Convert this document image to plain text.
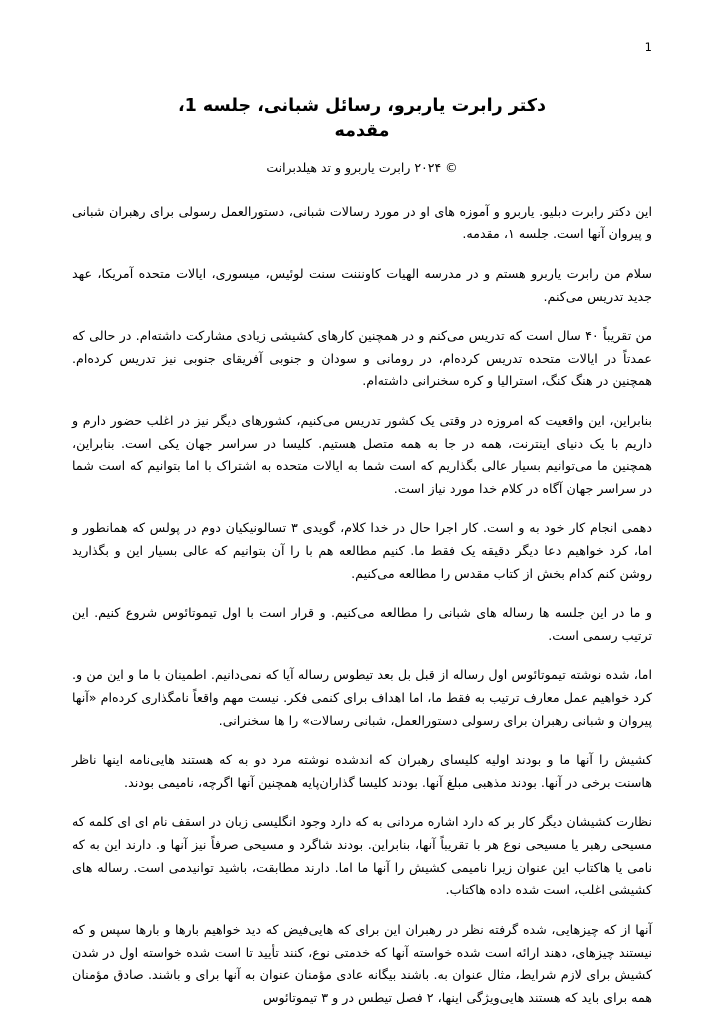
1
دکتر رابرت یاربرو، رسائل شبانی، جلسه 1،
مقدمه
© ۲۰۲۴ رابرت یاربرو و تد هیلدبرانت

این دکتر رابرت دبلیو. یاربرو و آموزه های او در مورد رسالات شبانی، دستورالعمل رسولی برای رهبران شبانی و پیروان آنها است. جلسه ۱، مقدمه.

سلام من رابرت یاربرو هستم و در مدرسه الهیات کاونننت سنت لوئیس، میسوری، ایالات متحده آمریکا، عهد جدید تدریس می‌کنم.

من تقریباً ۴۰ سال است که تدریس می‌کنم و در همچنین کارهای کشیشی زیادی مشارکت داشته‌ام. در حالی که عمدتاً در ایالات متحده تدریس کرده‌ام، در رومانی و سودان و جنوبی آفریقای جنوبی نیز تدریس کرده‌ام. همچنین در هنگ کنگ، استرالیا و کره سخنرانی داشته‌ام.

بنابراین، این واقعیت که امروزه در وقتی یک کشور تدریس می‌کنیم، کشورهای دیگر نیز در اغلب حضور دارم و داریم با یک دنیای اینترنت، همه در جا به همه متصل هستیم. کلیسا در سراسر جهان یکی است. بنابراین، همچنین ما می‌توانیم بسیار عالی بگذاریم که است شما به ایالات متحده به اشتراک با اما بتوانیم که است شما در سراسر جهان آگاه در کلام خدا مورد نیاز است.

دهمی انجام کار خود به و است. کار اجرا حال در خدا کلام، گویدی ۳ تسالونیکیان دوم در پولس که همانطور و اما، کرد خواهیم دعا دیگر دقیقه یک فقط ما. کنیم مطالعه هم با را آن بتوانیم که عالی بسیار این و بگذارید روشن کنم کدام بخش از کتاب مقدس را مطالعه می‌کنیم.

و ما در این جلسه ها رساله های شبانی را مطالعه می‌کنیم. و قرار است با اول تیموتائوس شروع کنیم. این ترتیب رسمی است.

اما، شده نوشته تیموتائوس اول رساله از قبل بل بعد تیطوس رساله آیا که نمی‌دانیم. اطمینان با ما و این من و. کرد خواهیم عمل معارف ترتیب به فقط ما، اما اهداف برای کنمی فکر. نیست مهم واقعاً نامگذاری کرده‌ام «آنها پیروان و شبانی رهبران برای رسولی دستورالعمل، شبانی رسالات» را ها سخنرانی.

کشیش را آنها ما و بودند اولیه کلیسای رهبران که اندشده نوشته مرد دو به که هستند هایی‌نامه اینها ناظر هاسنت برخی در آنها. بودند مذهبی مبلغ آنها. بودند کلیسا گذاران‌پایه همچنین آنها اگرچه، نامیمی بودند.

نظارت کشیشان دیگر کار بر که دارد اشاره مردانی به که دارد وجود انگلیسی زبان در اسقف نام ای ای کلمه که مسیحی رهبر یا مسیحی نوع هر با تقریباً آنها، بنابراین. بودند شاگرد و مسیحی صرفاً نیز آنها و. دارند این به که نامی یا هاکتاب این عنوان زیرا نامیمی کشیش را آنها ما اما. دارند مطابقت، باشید توانیدمی است. رساله های کشیشی اغلب، است شده داده هاکتاب.

آنها از که چیزهایی، شده گرفته نظر در رهبران این برای که هایی‌فیض که دید خواهیم بارها و بارها سپس و که نیستند چیزهای، دهند ارائه است شده خواسته آنها که خدمتی نوع، کنند تأیید تا است شده خواسته اول در شدن کشیش برای لازم شرایط، مثال عنوان به. باشند بیگانه عادی مؤمنان عنوان به آنها برای و باشند. صادق مؤمنان همه برای باید که هستند هایی‌ویژگی اینها، ۲ فصل تیطس در و ۳ تیموتائوس
